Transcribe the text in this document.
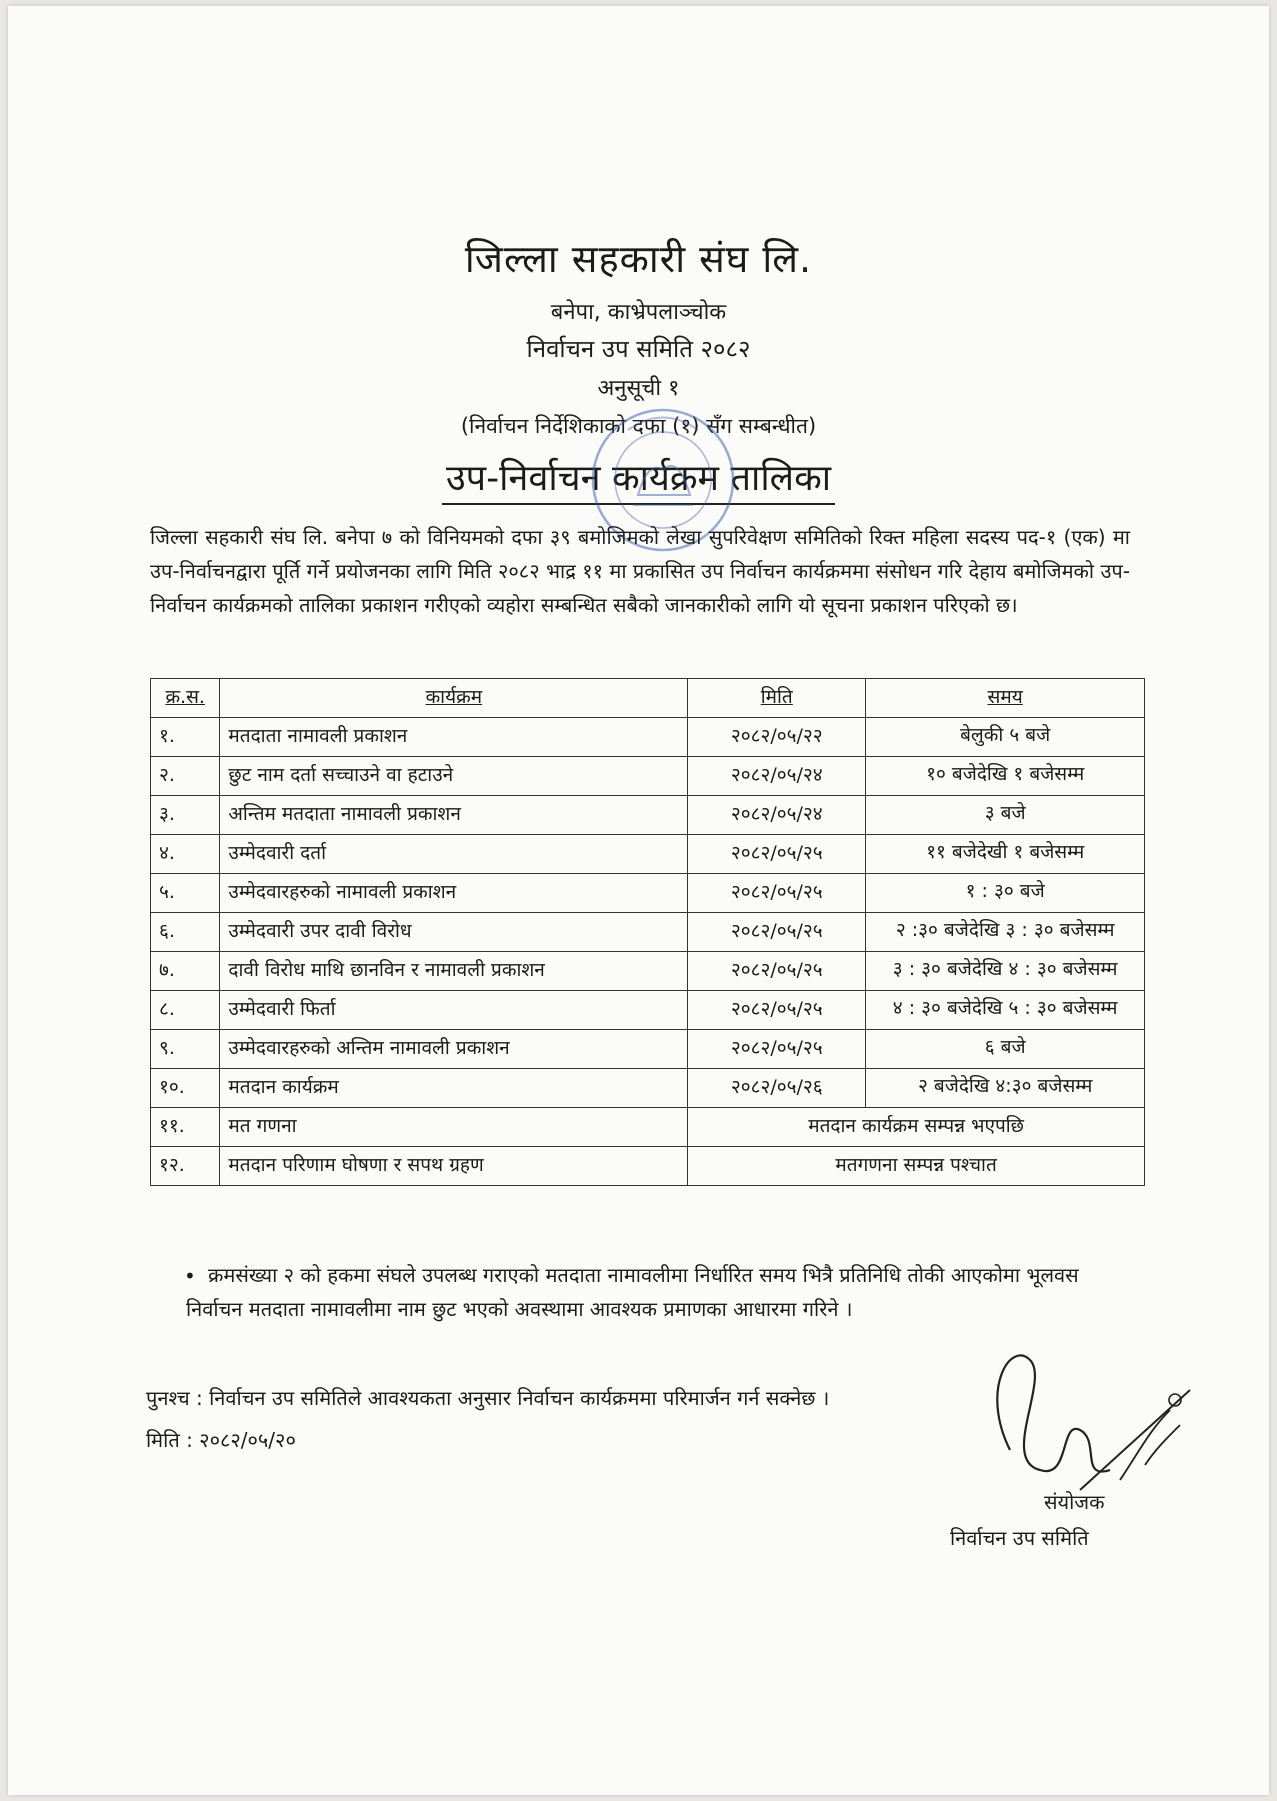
जिल्ला सहकारी संघ लि.
बनेपा, काभ्रेपलाञ्चोक
निर्वाचन उप समिति २०८२
अनुसूची १
(निर्वाचन निर्देशिकाको दफा (१) सँग सम्बन्धीत)
उप-निर्वाचन कार्यक्रम तालिका
जिल्ला सहकारी संघ लि. बनेपा ७ को विनियमको दफा ३९ बमोजिमको लेखा सुपरिवेक्षण समितिको रिक्त महिला सदस्य पद-१ (एक) मा उप-निर्वाचनद्वारा पूर्ति गर्ने प्रयोजनका लागि मिति २०८२ भाद्र ११ मा प्रकासित उप निर्वाचन कार्यक्रममा संसोधन गरि देहाय बमोजिमको उप-निर्वाचन कार्यक्रमको तालिका प्रकाशन गरीएको व्यहोरा सम्बन्धित सबैको जानकारीको लागि यो सूचना प्रकाशन परिएको छ।
क्र.स.	कार्यक्रम	मिति	समय
१.	मतदाता नामावली प्रकाशन	२०८२/०५/२२	बेलुकी ५ बजे
२.	छुट नाम दर्ता सच्चाउने वा हटाउने	२०८२/०५/२४	१० बजेदेखि १ बजेसम्म
३.	अन्तिम मतदाता नामावली प्रकाशन	२०८२/०५/२४	३ बजे
४.	उम्मेदवारी दर्ता	२०८२/०५/२५	११ बजेदेखी १ बजेसम्म
५.	उम्मेदवारहरुको नामावली प्रकाशन	२०८२/०५/२५	१ : ३० बजे
६.	उम्मेदवारी उपर दावी विरोध	२०८२/०५/२५	२ :३० बजेदेखि ३ : ३० बजेसम्म
७.	दावी विरोध माथि छानविन र नामावली प्रकाशन	२०८२/०५/२५	३ : ३० बजेदेखि ४ : ३० बजेसम्म
८.	उम्मेदवारी फिर्ता	२०८२/०५/२५	४ : ३० बजेदेखि ५ : ३० बजेसम्म
९.	उम्मेदवारहरुको अन्तिम नामावली प्रकाशन	२०८२/०५/२५	६ बजे
१०.	मतदान कार्यक्रम	२०८२/०५/२६	२ बजेदेखि ४:३० बजेसम्म
११.	मत गणना	मतदान कार्यक्रम सम्पन्न भएपछि	
१२.	मतदान परिणाम घोषणा र सपथ ग्रहण	मतगणना सम्पन्न पश्चात	
• क्रमसंख्या २ को हकमा संघले उपलब्ध गराएको मतदाता नामावलीमा निर्धारित समय भित्रै प्रतिनिधि तोकी आएकोमा भूलवस निर्वाचन मतदाता नामावलीमा नाम छुट भएको अवस्थामा आवश्यक प्रमाणका आधारमा गरिने ।
पुनश्च : निर्वाचन उप समितिले आवश्यकता अनुसार निर्वाचन कार्यक्रममा परिमार्जन गर्न सक्नेछ ।
मिति : २०८२/०५/२०
संयोजक
निर्वाचन उप समिति
